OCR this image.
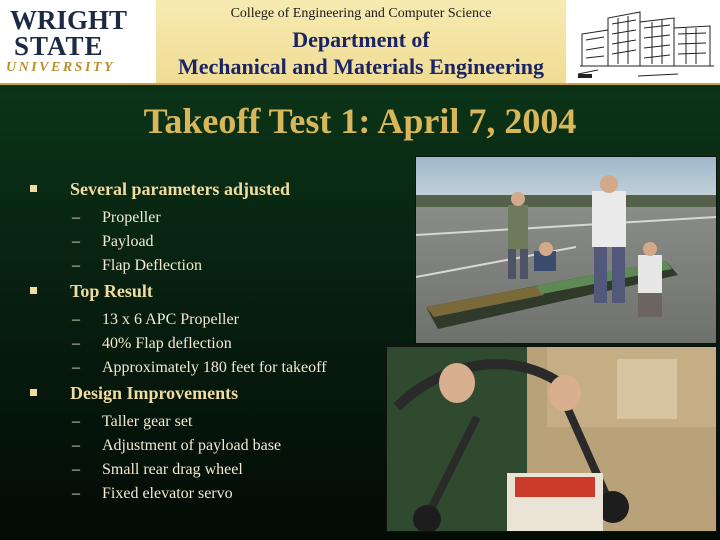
WRIGHT
STATE
UNIVERSITY
College of Engineering and Computer Science
Department of
Mechanical and Materials Engineering
Takeoff Test 1: April 7, 2004
Several parameters adjusted
– Propeller
– Payload
– Flap Deflection
Top Result
– 13 x 6 APC Propeller
– 40% Flap deflection
– Approximately 180 feet for takeoff
Design Improvements
– Taller gear set
– Adjustment of payload base
– Small rear drag wheel
– Fixed elevator servo
